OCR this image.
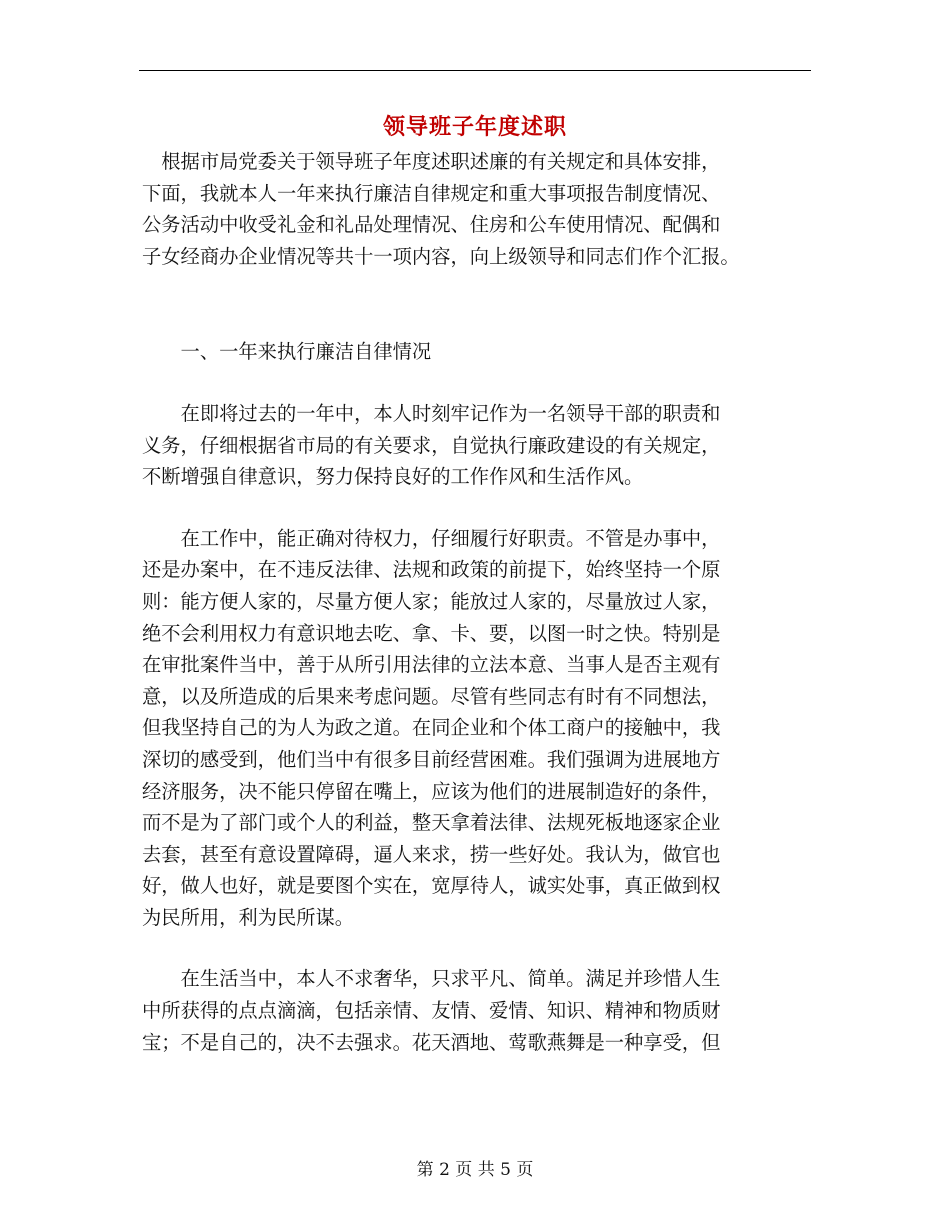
领导班子年度述职

　根据市局党委关于领导班子年度述职述廉的有关规定和具体安排，
下面，我就本人一年来执行廉洁自律规定和重大事项报告制度情况、
公务活动中收受礼金和礼品处理情况、住房和公车使用情况、配偶和
子女经商办企业情况等共十一项内容，向上级领导和同志们作个汇报。

　　一、一年来执行廉洁自律情况

　　在即将过去的一年中，本人时刻牢记作为一名领导干部的职责和
义务，仔细根据省市局的有关要求，自觉执行廉政建设的有关规定，
不断增强自律意识，努力保持良好的工作作风和生活作风。

　　在工作中，能正确对待权力，仔细履行好职责。不管是办事中，
还是办案中，在不违反法律、法规和政策的前提下，始终坚持一个原
则：能方便人家的，尽量方便人家；能放过人家的，尽量放过人家，
绝不会利用权力有意识地去吃、拿、卡、要，以图一时之快。特别是
在审批案件当中，善于从所引用法律的立法本意、当事人是否主观有
意，以及所造成的后果来考虑问题。尽管有些同志有时有不同想法，
但我坚持自己的为人为政之道。在同企业和个体工商户的接触中，我
深切的感受到，他们当中有很多目前经营困难。我们强调为进展地方
经济服务，决不能只停留在嘴上，应该为他们的进展制造好的条件，
而不是为了部门或个人的利益，整天拿着法律、法规死板地逐家企业
去套，甚至有意设置障碍，逼人来求，捞一些好处。我认为，做官也
好，做人也好，就是要图个实在，宽厚待人，诚实处事，真正做到权
为民所用，利为民所谋。

　　在生活当中，本人不求奢华，只求平凡、简单。满足并珍惜人生
中所获得的点点滴滴，包括亲情、友情、爱情、知识、精神和物质财
宝；不是自己的，决不去强求。花天酒地、莺歌燕舞是一种享受，但

第 2 页 共 5 页
